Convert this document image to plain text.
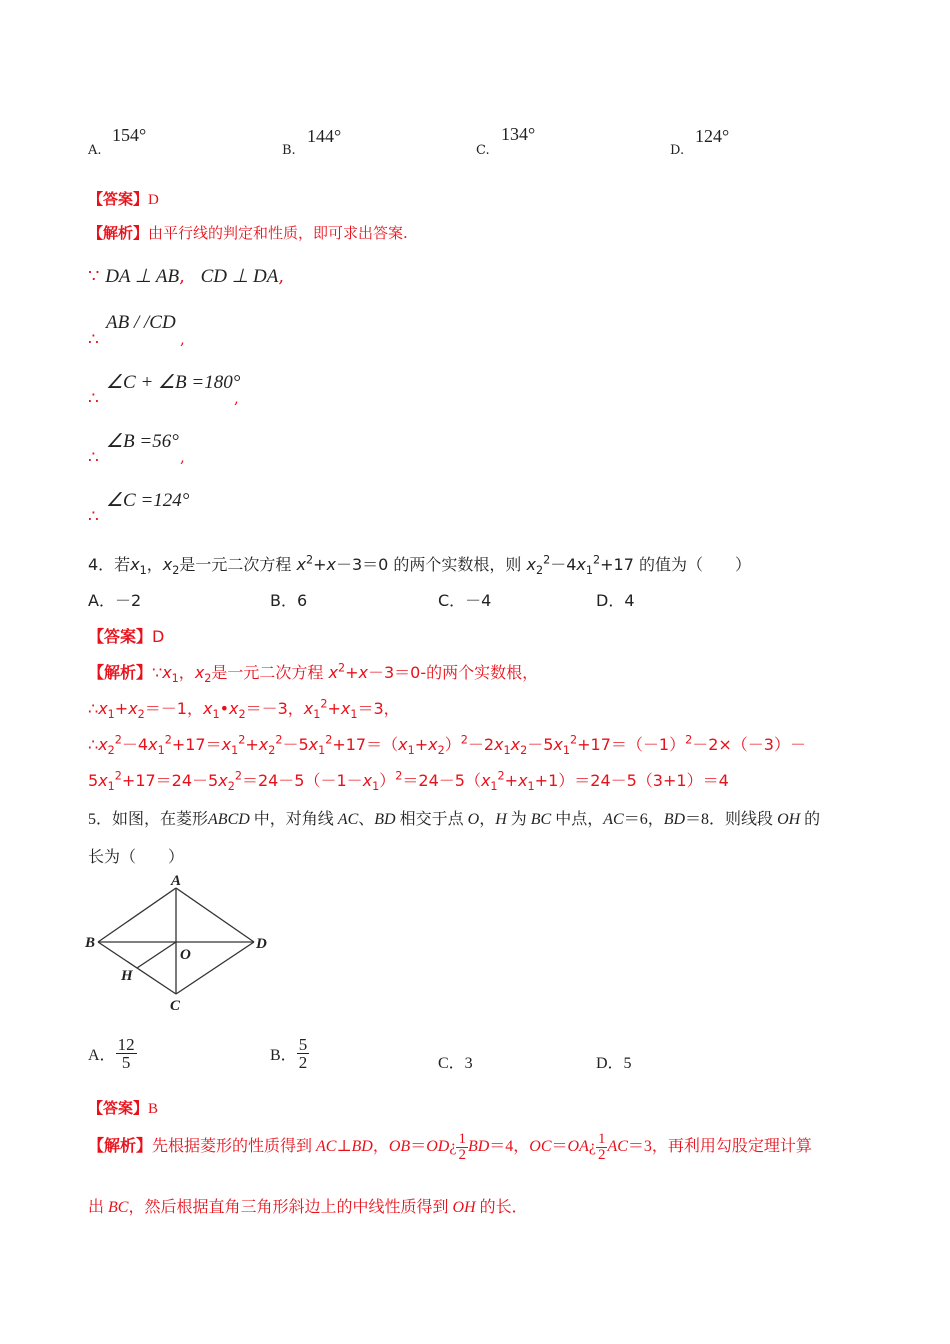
A.
154°
B.
144°
C.
134°
D.
124°
【答案】D
【解析】由平行线的判定和性质，即可求出答案.
∵ DA ⊥ AB, CD ⊥ DA,
AB / /CD
∴	,
∠C + ∠B =180°
∴	,
∠B =56°
∴	,
∠C =124°
∴
4．若$x_1$，$x_2$是一元二次方程 $x^2+x-3=0$ 的两个实数根，则 $x_2^2-4x_1^2+17$ 的值为（　　）
A．－2	B．6	C．－4	D．4
【答案】D
【解析】$\because x_1$，$x_2$是一元二次方程 $x^2+x-3=0-$的两个实数根，
$\therefore x_1+x_2=-1$，$x_1•x_2=-3$，$x_1^2+x_1=3$，
$\therefore x_2^2-4x_1^2+17=x_1^2+x_2^2-5x_1^2+17=(x_1+x_2)^2-2x_1x_2-5x_1^2+17=(-1)^2-2\times(-3)-$
$5x_1^2+17=24-5x_2^2=24-5(-1-x_1)^2=24-5(x_1^2+x_1+1)=24-5(3+1)=4$
5．如图，在菱形ABCD 中，对角线 AC、BD 相交于点 O，H 为 BC 中点，AC＝6，BD＝8．则线段 OH 的
长为（　　）
A
B
C
D
O
H
A． $\frac{12}{5}$	B． $\frac{5}{2}$	C．3	D．5
【答案】B
【解析】先根据菱形的性质得到 AC⊥BD，OB＝OD¿ $\frac{1}{2} BD=4$，OC＝OA¿ $\frac{1}{2} AC=3$，再利用勾股定理计算
出 BC，然后根据直角三角形斜边上的中线性质得到 OH 的长．
